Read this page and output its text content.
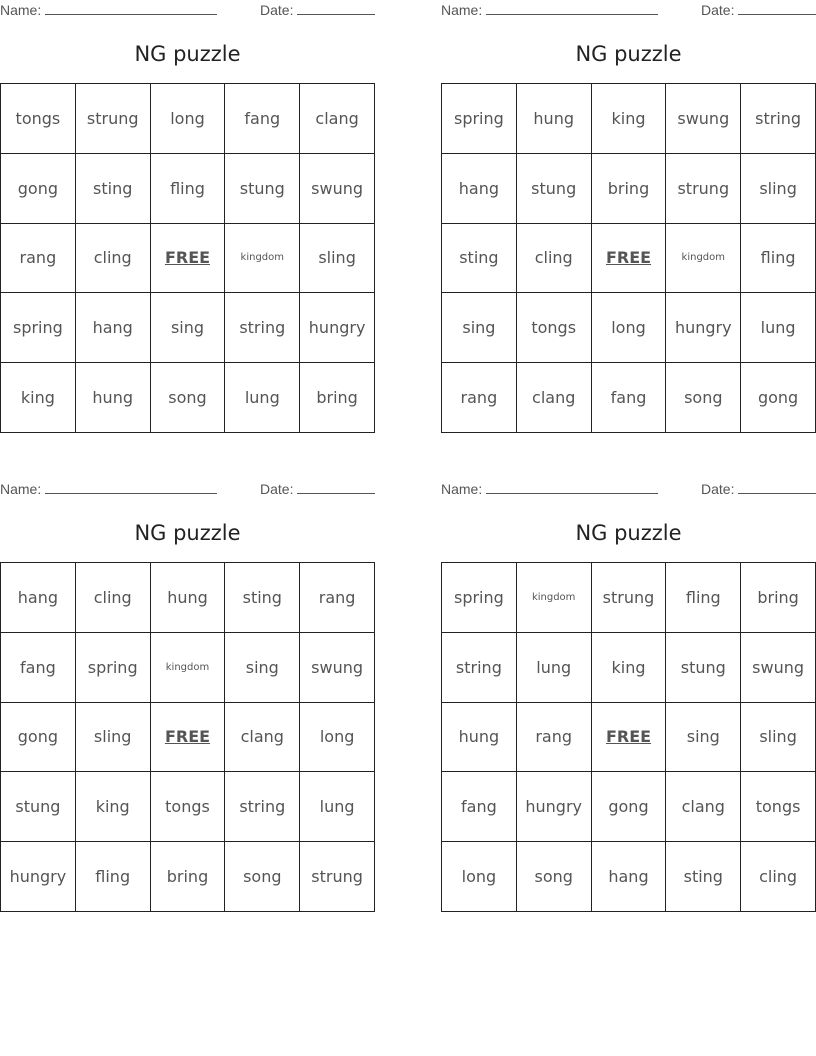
Name:	Date:
NG puzzle
tongs	strung	long	fang	clang
gong	sting	fling	stung	swung
rang	cling	FREE	kingdom	sling
spring	hang	sing	string	hungry
king	hung	song	lung	bring
Name:	Date:
NG puzzle
spring	hung	king	swung	string
hang	stung	bring	strung	sling
sting	cling	FREE	kingdom	fling
sing	tongs	long	hungry	lung
rang	clang	fang	song	gong
Name:	Date:
NG puzzle
hang	cling	hung	sting	rang
fang	spring	kingdom	sing	swung
gong	sling	FREE	clang	long
stung	king	tongs	string	lung
hungry	fling	bring	song	strung
Name:	Date:
NG puzzle
spring	kingdom	strung	fling	bring
string	lung	king	stung	swung
hung	rang	FREE	sing	sling
fang	hungry	gong	clang	tongs
long	song	hang	sting	cling
